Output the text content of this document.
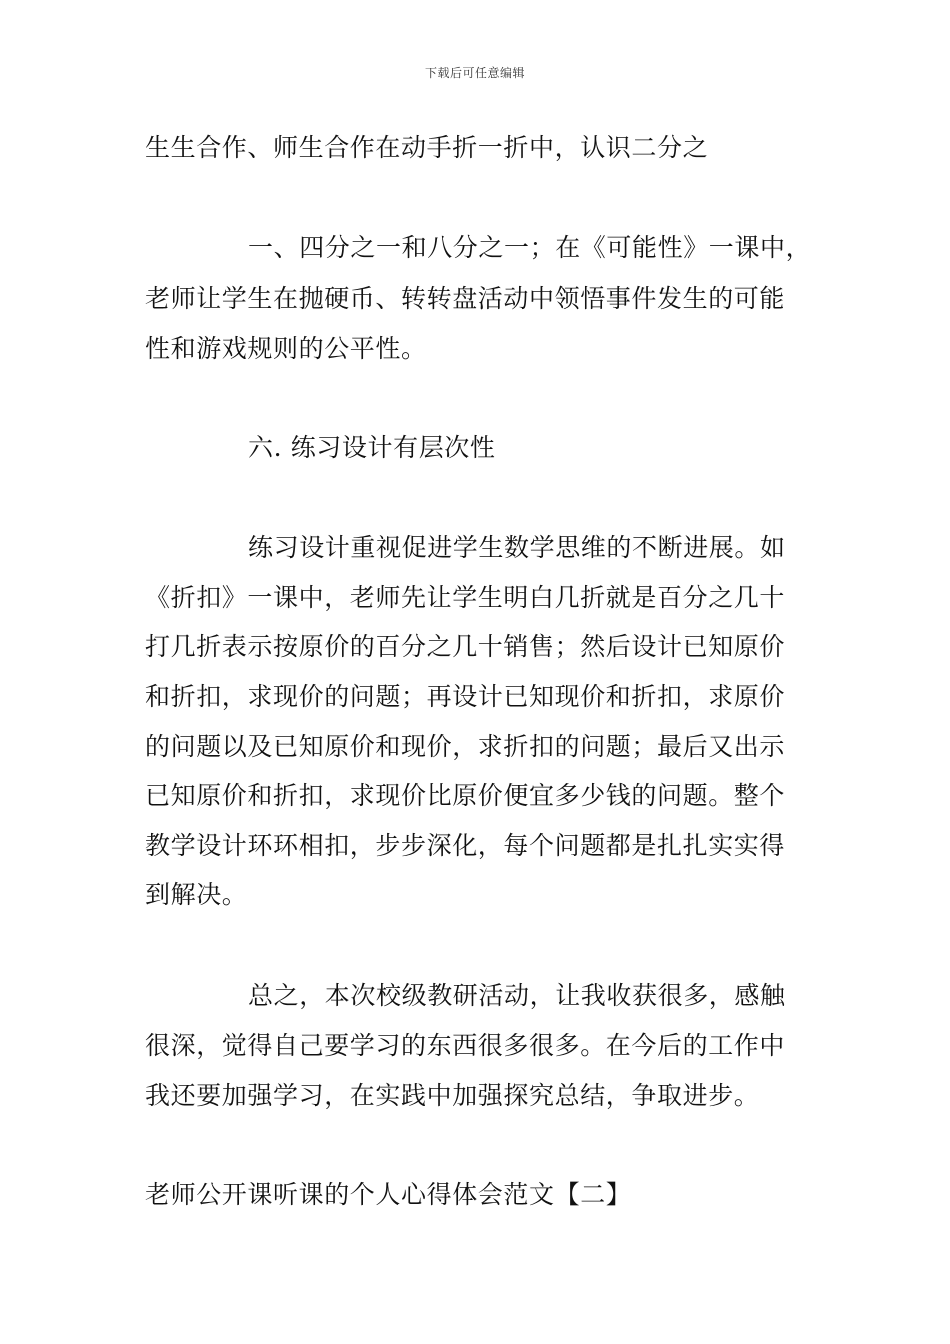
下载后可任意编辑
生生合作、师生合作在动手折一折中，认识二分之
一、四分之一和八分之一；在《可能性》一课中，
老师让学生在抛硬币、转转盘活动中领悟事件发生的可能
性和游戏规则的公平性。
六. 练习设计有层次性
练习设计重视促进学生数学思维的不断进展。如
《折扣》一课中，老师先让学生明白几折就是百分之几十
打几折表示按原价的百分之几十销售；然后设计已知原价
和折扣，求现价的问题；再设计已知现价和折扣，求原价
的问题以及已知原价和现价，求折扣的问题；最后又出示
已知原价和折扣，求现价比原价便宜多少钱的问题。整个
教学设计环环相扣，步步深化，每个问题都是扎扎实实得
到解决。
总之，本次校级教研活动，让我收获很多，感触
很深，觉得自己要学习的东西很多很多。在今后的工作中
我还要加强学习，在实践中加强探究总结，争取进步。
老师公开课听课的个人心得体会范文【二】
